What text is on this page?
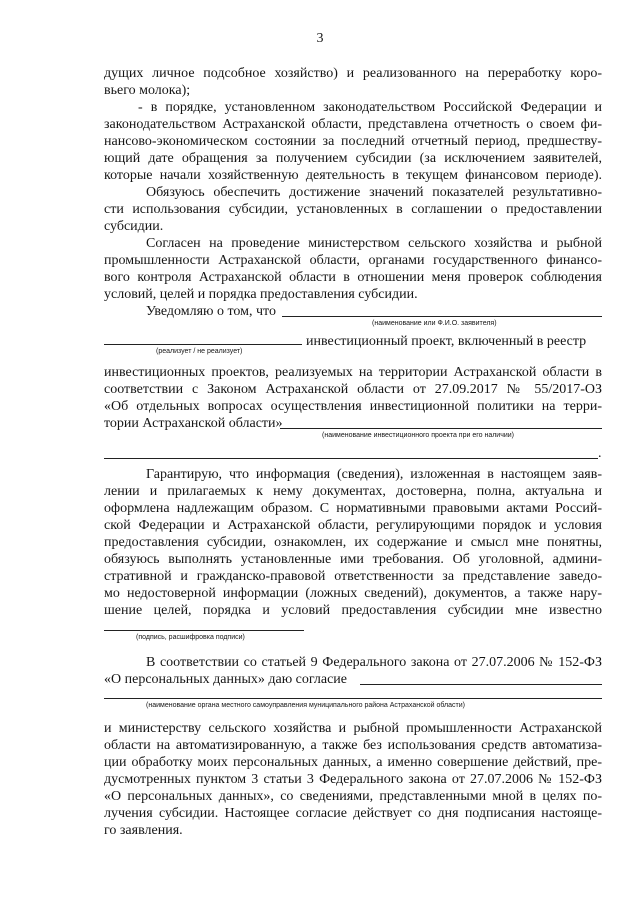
3
дущих личное подсобное хозяйство) и реализованного на переработку коро-
вьего молока);
- в порядке, установленном законодательством Российской Федерации и
законодательством Астраханской области, представлена отчетность о своем фи-
нансово-экономическом состоянии за последний отчетный период, предшеству-
ющий дате обращения за получением субсидии (за исключением заявителей,
которые начали хозяйственную деятельность в текущем финансовом периоде).
Обязуюсь обеспечить достижение значений показателей результативно-
сти использования субсидии, установленных в соглашении о предоставлении
субсидии.
Согласен на проведение министерством сельского хозяйства и рыбной
промышленности Астраханской области, органами государственного финансо-
вого контроля Астраханской области в отношении меня проверок соблюдения
условий, целей и порядка предоставления субсидии.
Уведомляю о том, что
(наименование или Ф.И.О. заявителя)
инвестиционный проект, включенный в реестр
(реализует / не реализует)
инвестиционных проектов, реализуемых на территории Астраханской области в
соответствии с Законом Астраханской области от 27.09.2017 № 55/2017-ОЗ
«Об отдельных вопросах осуществления инвестиционной политики на терри-
тории Астраханской области»
(наименование инвестиционного проекта при его наличии)
.
Гарантирую, что информация (сведения), изложенная в настоящем заяв-
лении и прилагаемых к нему документах, достоверна, полна, актуальна и
оформлена надлежащим образом. С нормативными правовыми актами Россий-
ской Федерации и Астраханской области, регулирующими порядок и условия
предоставления субсидии, ознакомлен, их содержание и смысл мне понятны,
обязуюсь выполнять установленные ими требования. Об уголовной, админи-
стративной и гражданско-правовой ответственности за представление заведо-
мо недостоверной информации (ложных сведений), документов, а также нару-
шение целей, порядка и условий предоставления субсидии мне известно
(подпись, расшифровка подписи)
В соответствии со статьей 9 Федерального закона от 27.07.2006 № 152-ФЗ
«О персональных данных» даю согласие
(наименование органа местного самоуправления муниципального района Астраханской области)
и министерству сельского хозяйства и рыбной промышленности Астраханской
области на автоматизированную, а также без использования средств автоматиза-
ции обработку моих персональных данных, а именно совершение действий, пре-
дусмотренных пунктом 3 статьи 3 Федерального закона от 27.07.2006 № 152-ФЗ
«О персональных данных», со сведениями, представленными мной в целях по-
лучения субсидии. Настоящее согласие действует со дня подписания настояще-
го заявления.
